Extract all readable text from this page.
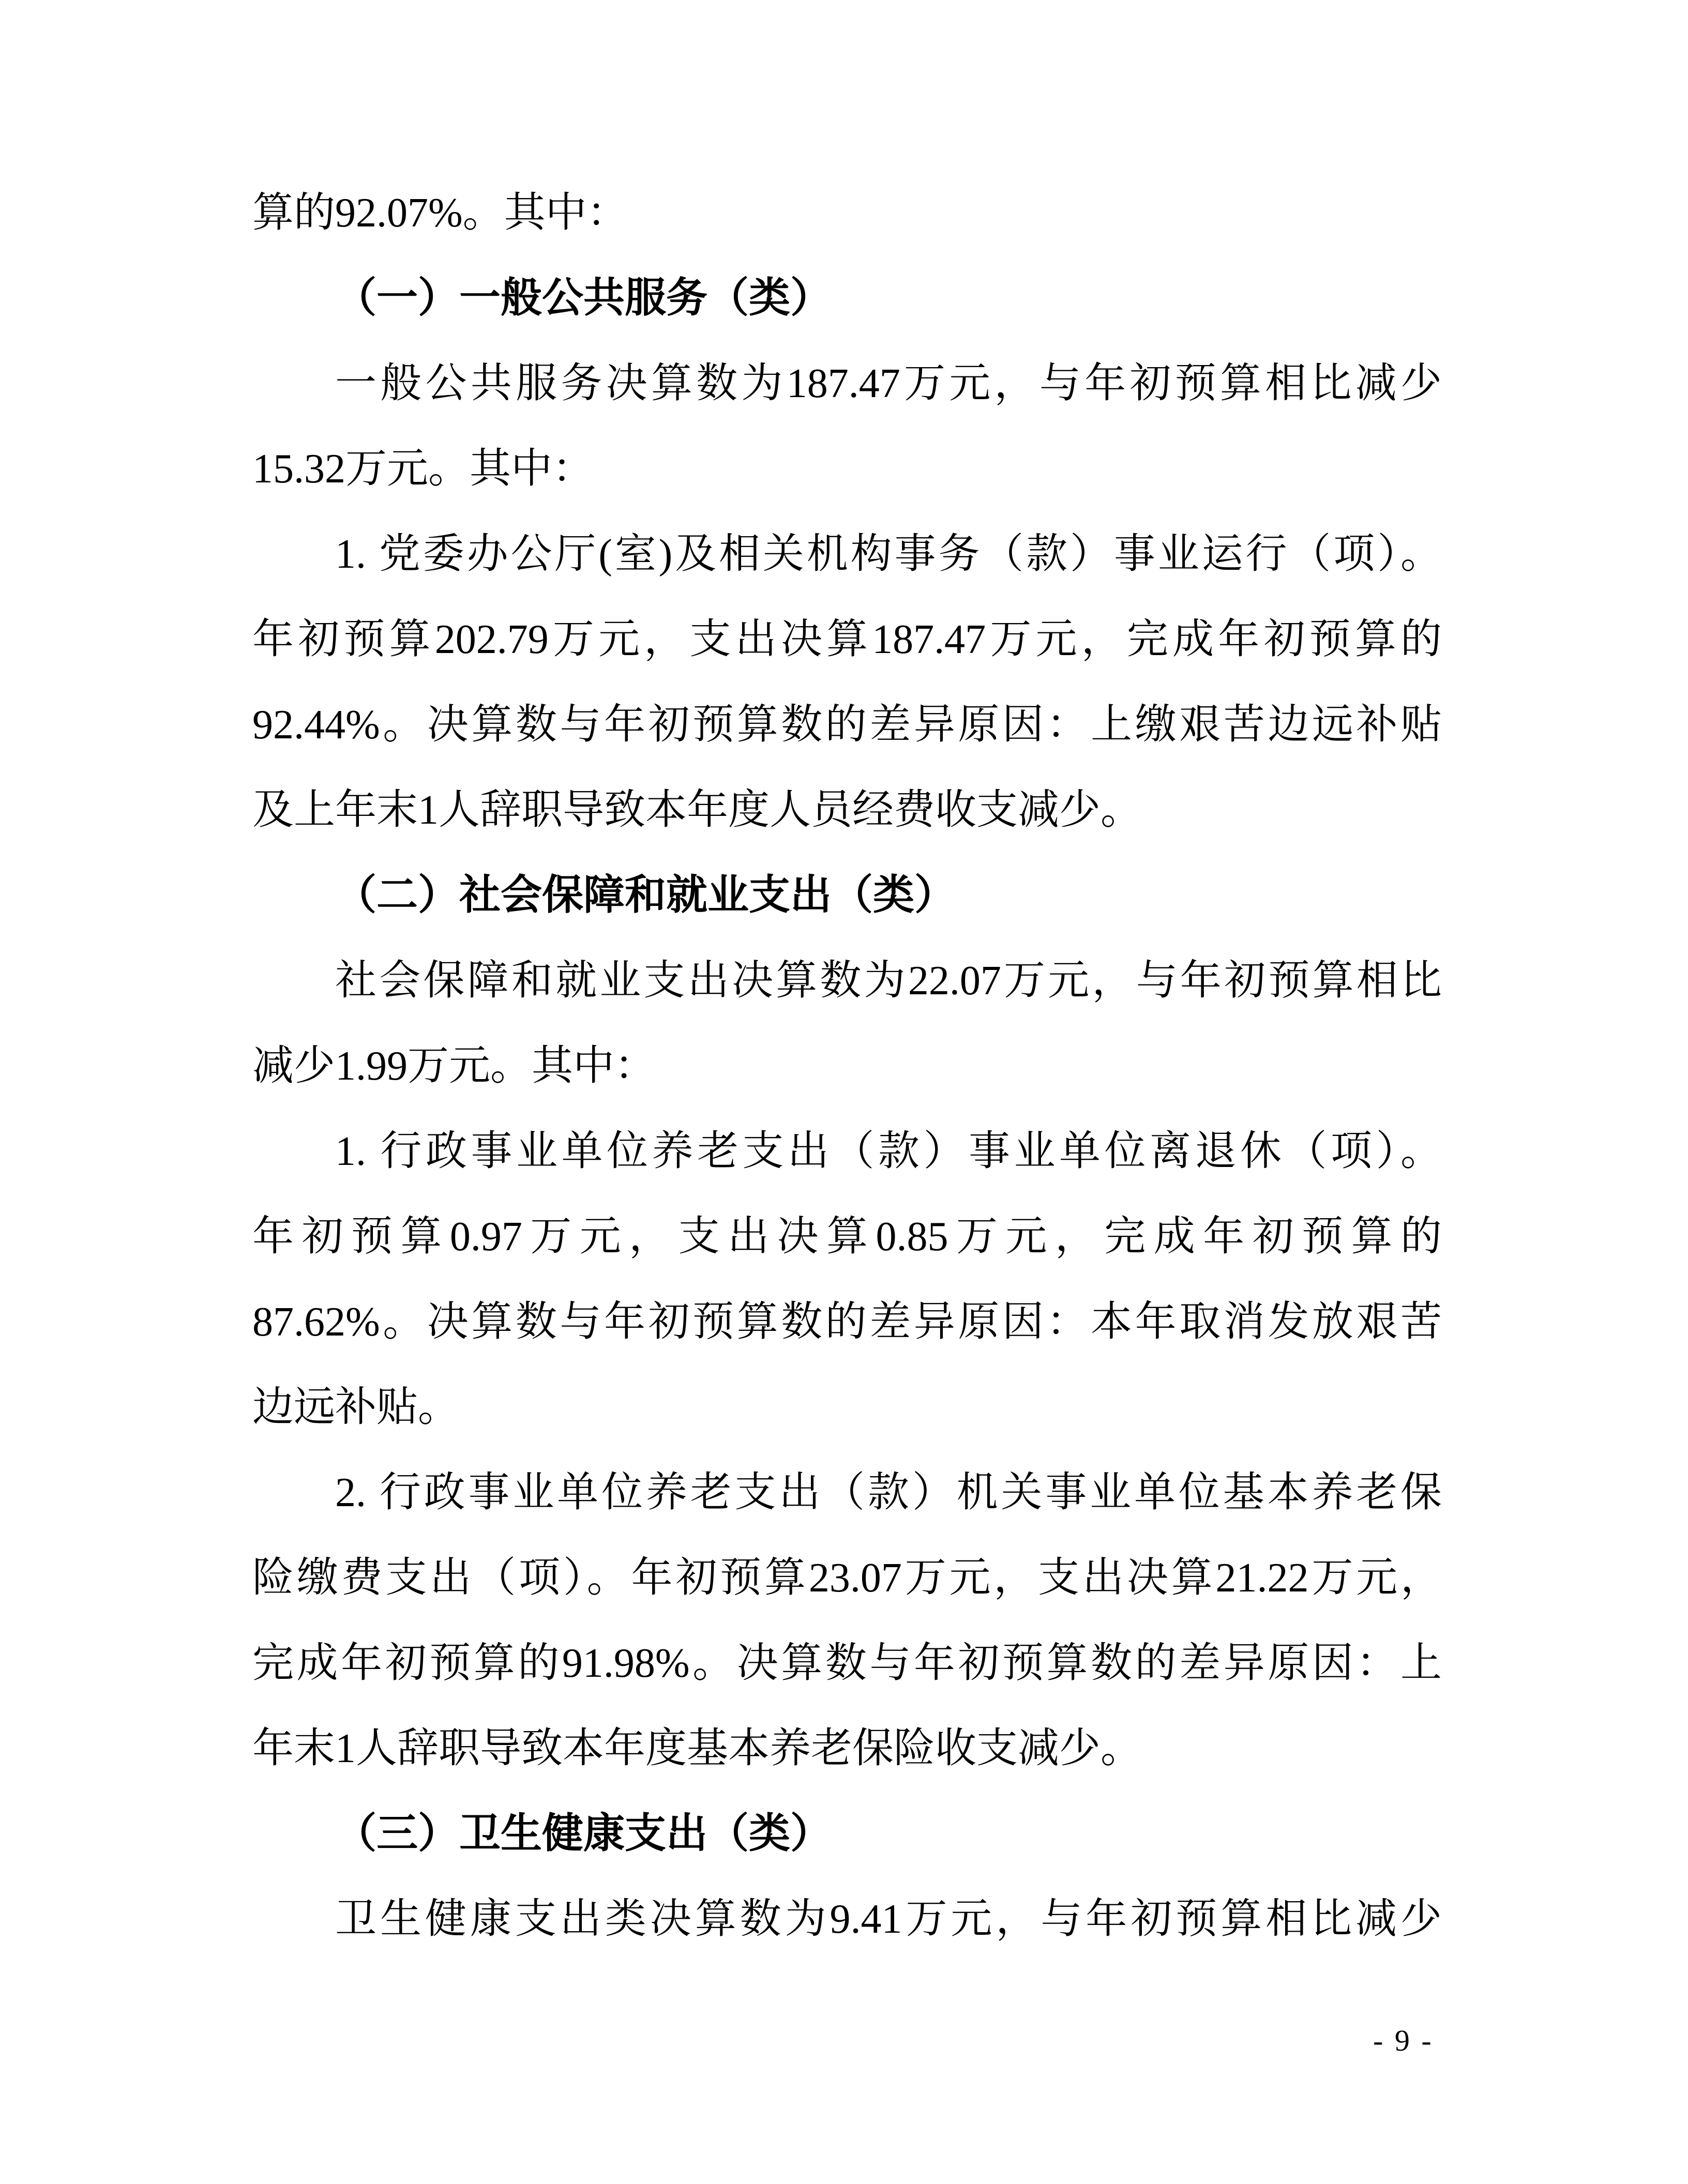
算的92.07%。其中：

（一）一般公共服务（类）

一般公共服务决算数为187.47万元，与年初预算相比减少

15.32万元。其中：

1. 党委办公厅(室)及相关机构事务（款）事业运行（项）。

年初预算202.79万元，支出决算187.47万元，完成年初预算的

92.44%。决算数与年初预算数的差异原因：上缴艰苦边远补贴

及上年末1人辞职导致本年度人员经费收支减少。

（二）社会保障和就业支出（类）

社会保障和就业支出决算数为22.07万元，与年初预算相比

减少1.99万元。其中：

1. 行政事业单位养老支出（款）事业单位离退休（项）。

年初预算0.97万元，支出决算0.85万元，完成年初预算的

87.62%。决算数与年初预算数的差异原因：本年取消发放艰苦

边远补贴。

2. 行政事业单位养老支出（款）机关事业单位基本养老保

险缴费支出（项）。年初预算23.07万元，支出决算21.22万元，

完成年初预算的91.98%。决算数与年初预算数的差异原因：上

年末1人辞职导致本年度基本养老保险收支减少。

（三）卫生健康支出（类）

卫生健康支出类决算数为9.41万元，与年初预算相比减少

- 9 -
